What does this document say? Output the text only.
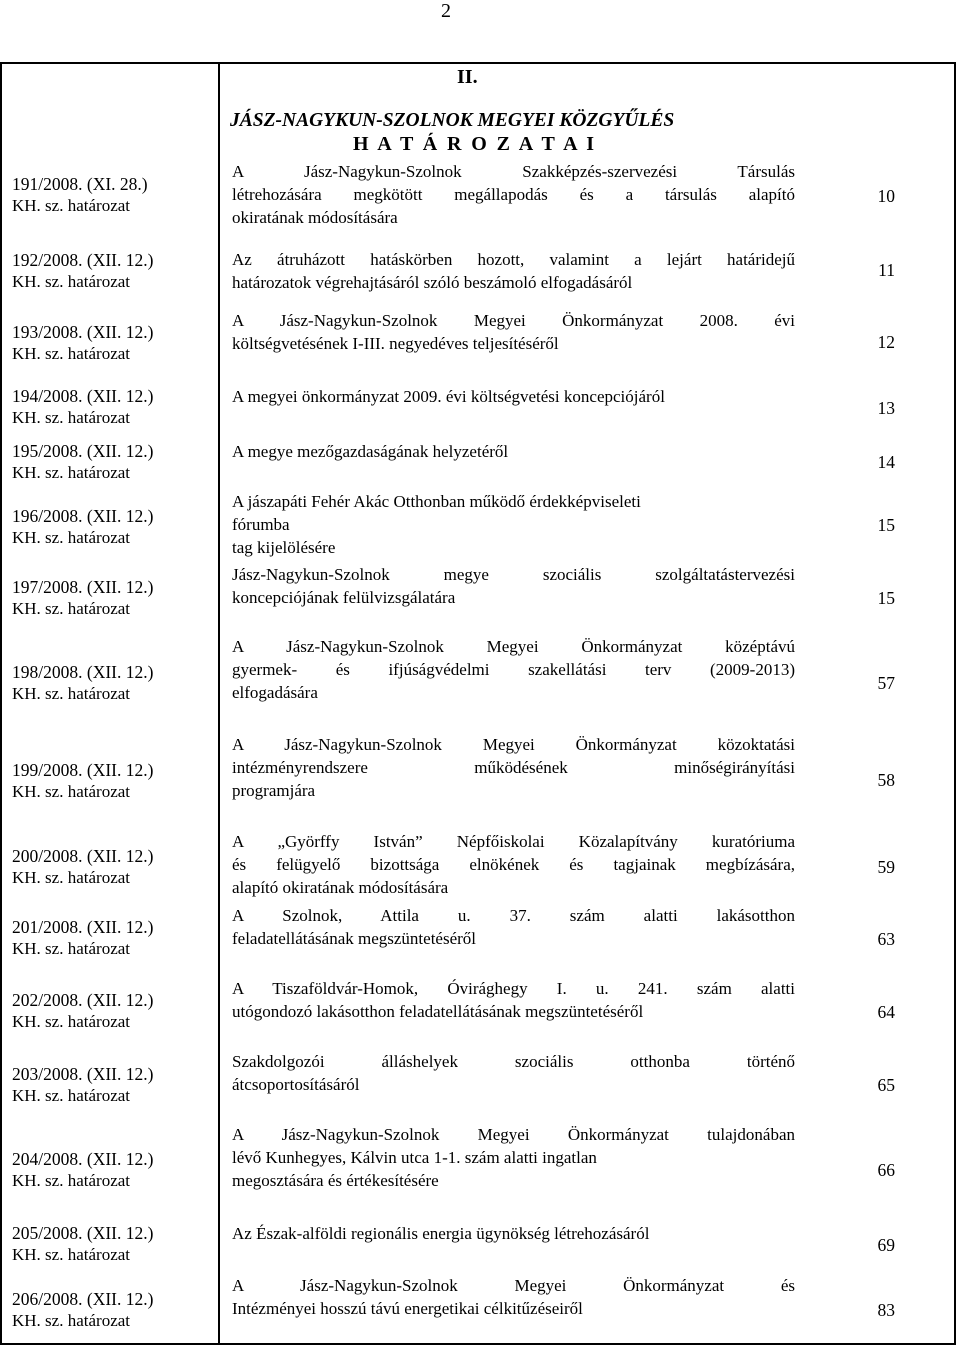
2
II.
JÁSZ-NAGYKUN-SZOLNOK MEGYEI KÖZGYŰLÉS
H A T Á R O Z A T A I
191/2008. (XI. 28.)
KH. sz. határozat
192/2008. (XII. 12.)
KH. sz. határozat
193/2008. (XII. 12.)
KH. sz. határozat
194/2008. (XII. 12.)
KH. sz. határozat
195/2008. (XII. 12.)
KH. sz. határozat
196/2008. (XII. 12.)
KH. sz. határozat
197/2008. (XII. 12.)
KH. sz. határozat
198/2008. (XII. 12.)
KH. sz. határozat
199/2008. (XII. 12.)
KH. sz. határozat
200/2008. (XII. 12.)
KH. sz. határozat
201/2008. (XII. 12.)
KH. sz. határozat
202/2008. (XII. 12.)
KH. sz. határozat
203/2008. (XII. 12.)
KH. sz. határozat
204/2008. (XII. 12.)
KH. sz. határozat
205/2008. (XII. 12.)
KH. sz. határozat
206/2008. (XII. 12.)
KH. sz. határozat
A Jász-Nagykun-Szolnok Szakképzés-szervezési Társulás
létrehozására megkötött megállapodás és a társulás alapító
okiratának módosítására
Az átruházott hatáskörben hozott, valamint a lejárt határidejű
határozatok végrehajtásáról szóló beszámoló elfogadásáról
A Jász-Nagykun-Szolnok Megyei Önkormányzat 2008. évi
költségvetésének I-III. negyedéves teljesítéséről
A megyei önkormányzat 2009. évi költségvetési koncepciójáról
A megye mezőgazdaságának helyzetéről
A jászapáti Fehér Akác Otthonban működő érdekképviseleti
fórumba
tag kijelölésére
Jász-Nagykun-Szolnok megye szociális szolgáltatástervezési
koncepciójának felülvizsgálatára
A Jász-Nagykun-Szolnok Megyei Önkormányzat középtávú
gyermek- és ifjúságvédelmi szakellátási terv (2009-2013)
elfogadására
A Jász-Nagykun-Szolnok Megyei Önkormányzat közoktatási
intézményrendszere működésének minőségirányítási
programjára
A „Györffy István” Népfőiskolai Közalapítvány kuratóriuma
és felügyelő bizottsága elnökének és tagjainak megbízására,
alapító okiratának módosítására
A Szolnok, Attila u. 37. szám alatti lakásotthon
feladatellátásának megszüntetéséről
A Tiszaföldvár-Homok, Óvirághegy I. u. 241. szám alatti
utógondozó lakásotthon feladatellátásának megszüntetéséről
Szakdolgozói álláshelyek szociális otthonba történő
átcsoportosításáról
A Jász-Nagykun-Szolnok Megyei Önkormányzat tulajdonában
lévő Kunhegyes, Kálvin utca 1-1. szám alatti ingatlan
megosztására és értékesítésére
Az Észak-alföldi regionális energia ügynökség létrehozásáról
A Jász-Nagykun-Szolnok Megyei Önkormányzat és
Intézményei hosszú távú energetikai célkitűzéseiről
10
11
12
13
14
15
15
57
58
59
63
64
65
66
69
83
